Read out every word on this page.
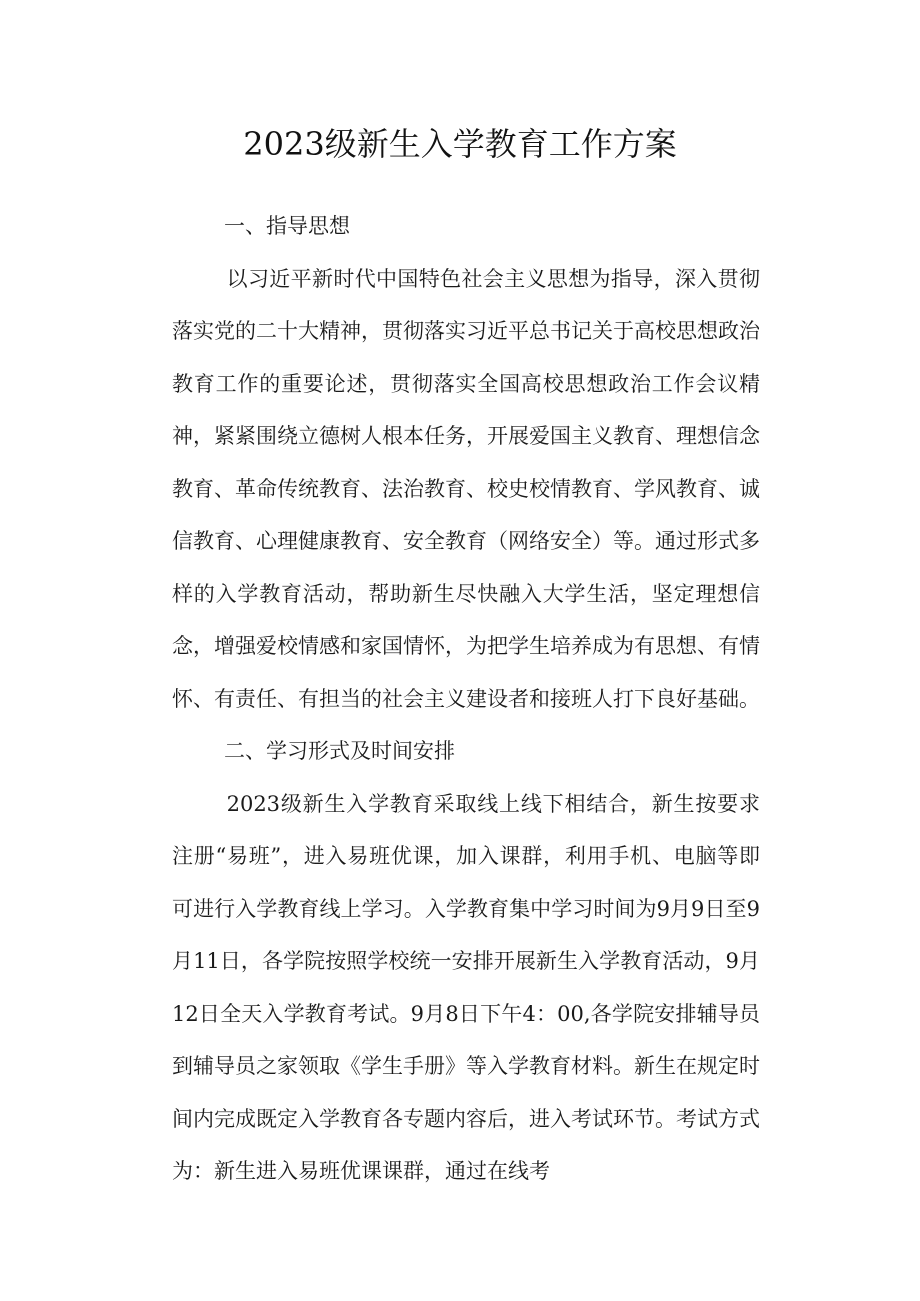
2023级新生入学教育工作方案

一、指导思想

以习近平新时代中国特色社会主义思想为指导，深入贯彻落实党的二十大精神，贯彻落实习近平总书记关于高校思想政治教育工作的重要论述，贯彻落实全国高校思想政治工作会议精神，紧紧围绕立德树人根本任务，开展爱国主义教育、理想信念教育、革命传统教育、法治教育、校史校情教育、学风教育、诚信教育、心理健康教育、安全教育（网络安全）等。通过形式多样的入学教育活动，帮助新生尽快融入大学生活，坚定理想信念，增强爱校情感和家国情怀，为把学生培养成为有思想、有情怀、有责任、有担当的社会主义建设者和接班人打下良好基础。

二、学习形式及时间安排

2023级新生入学教育采取线上线下相结合，新生按要求注册“易班”，进入易班优课，加入课群，利用手机、电脑等即可进行入学教育线上学习。入学教育集中学习时间为9月9日至9月11日，各学院按照学校统一安排开展新生入学教育活动，9月12日全天入学教育考试。9月8日下午4：00,各学院安排辅导员到辅导员之家领取《学生手册》等入学教育材料。新生在规定时间内完成既定入学教育各专题内容后，进入考试环节。考试方式为：新生进入易班优课课群，通过在线考
